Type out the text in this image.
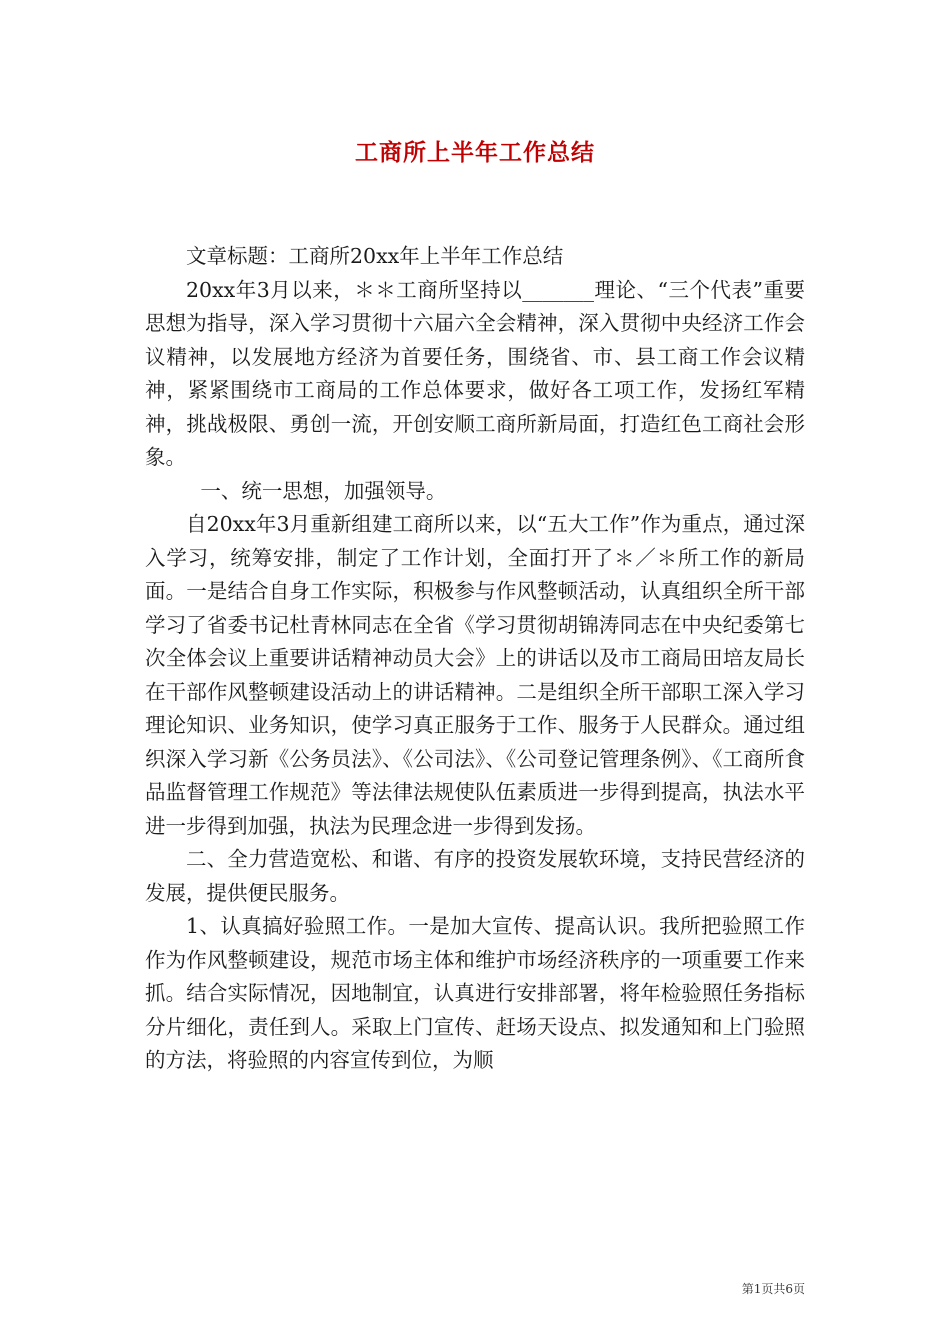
工商所上半年工作总结

文章标题：工商所20xx年上半年工作总结

20xx年3月以来，＊＊工商所坚持以_______理论、“三个代表”重要思想为指导，深入学习贯彻十六届六全会精神，深入贯彻中央经济工作会议精神，以发展地方经济为首要任务，围绕省、市、县工商工作会议精神，紧紧围绕市工商局的工作总体要求，做好各工项工作，发扬红军精神，挑战极限、勇创一流，开创安顺工商所新局面，打造红色工商社会形象。

一、统一思想，加强领导。

自20xx年3月重新组建工商所以来，以“五大工作”作为重点，通过深入学习，统筹安排，制定了工作计划，全面打开了＊／＊所工作的新局面。一是结合自身工作实际，积极参与作风整顿活动，认真组织全所干部学习了省委书记杜青林同志在全省《学习贯彻胡锦涛同志在中央纪委第七次全体会议上重要讲话精神动员大会》上的讲话以及市工商局田培友局长在干部作风整顿建设活动上的讲话精神。二是组织全所干部职工深入学习理论知识、业务知识，使学习真正服务于工作、服务于人民群众。通过组织深入学习新《公务员法》、《公司法》、《公司登记管理条例》、《工商所食品监督管理工作规范》等法律法规使队伍素质进一步得到提高，执法水平进一步得到加强，执法为民理念进一步得到发扬。

二、全力营造宽松、和谐、有序的投资发展软环境，支持民营经济的发展，提供便民服务。

1、认真搞好验照工作。一是加大宣传、提高认识。我所把验照工作作为作风整顿建设，规范市场主体和维护市场经济秩序的一项重要工作来抓。结合实际情况，因地制宜，认真进行安排部署，将年检验照任务指标分片细化，责任到人。采取上门宣传、赶场天设点、拟发通知和上门验照的方法，将验照的内容宣传到位，为顺

第1页共6页
